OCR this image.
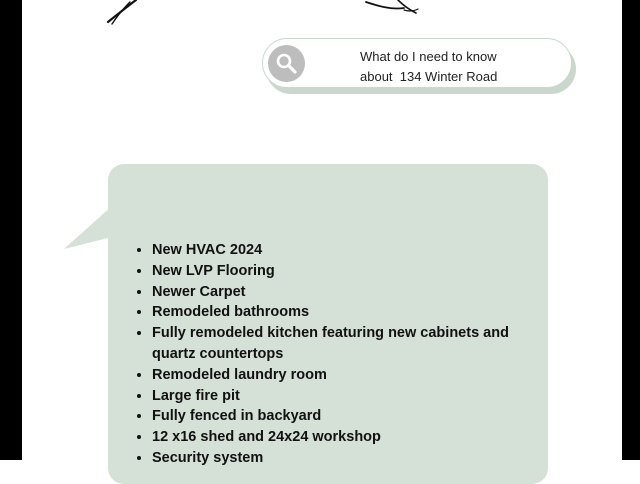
What do I need to know
about  134 Winter Road
• New HVAC 2024
• New LVP Flooring
• Newer Carpet
• Remodeled bathrooms
• Fully remodeled kitchen featuring new cabinets and quartz countertops
• Remodeled laundry room
• Large fire pit
• Fully fenced in backyard
• 12 x16 shed and 24x24 workshop
• Security system
